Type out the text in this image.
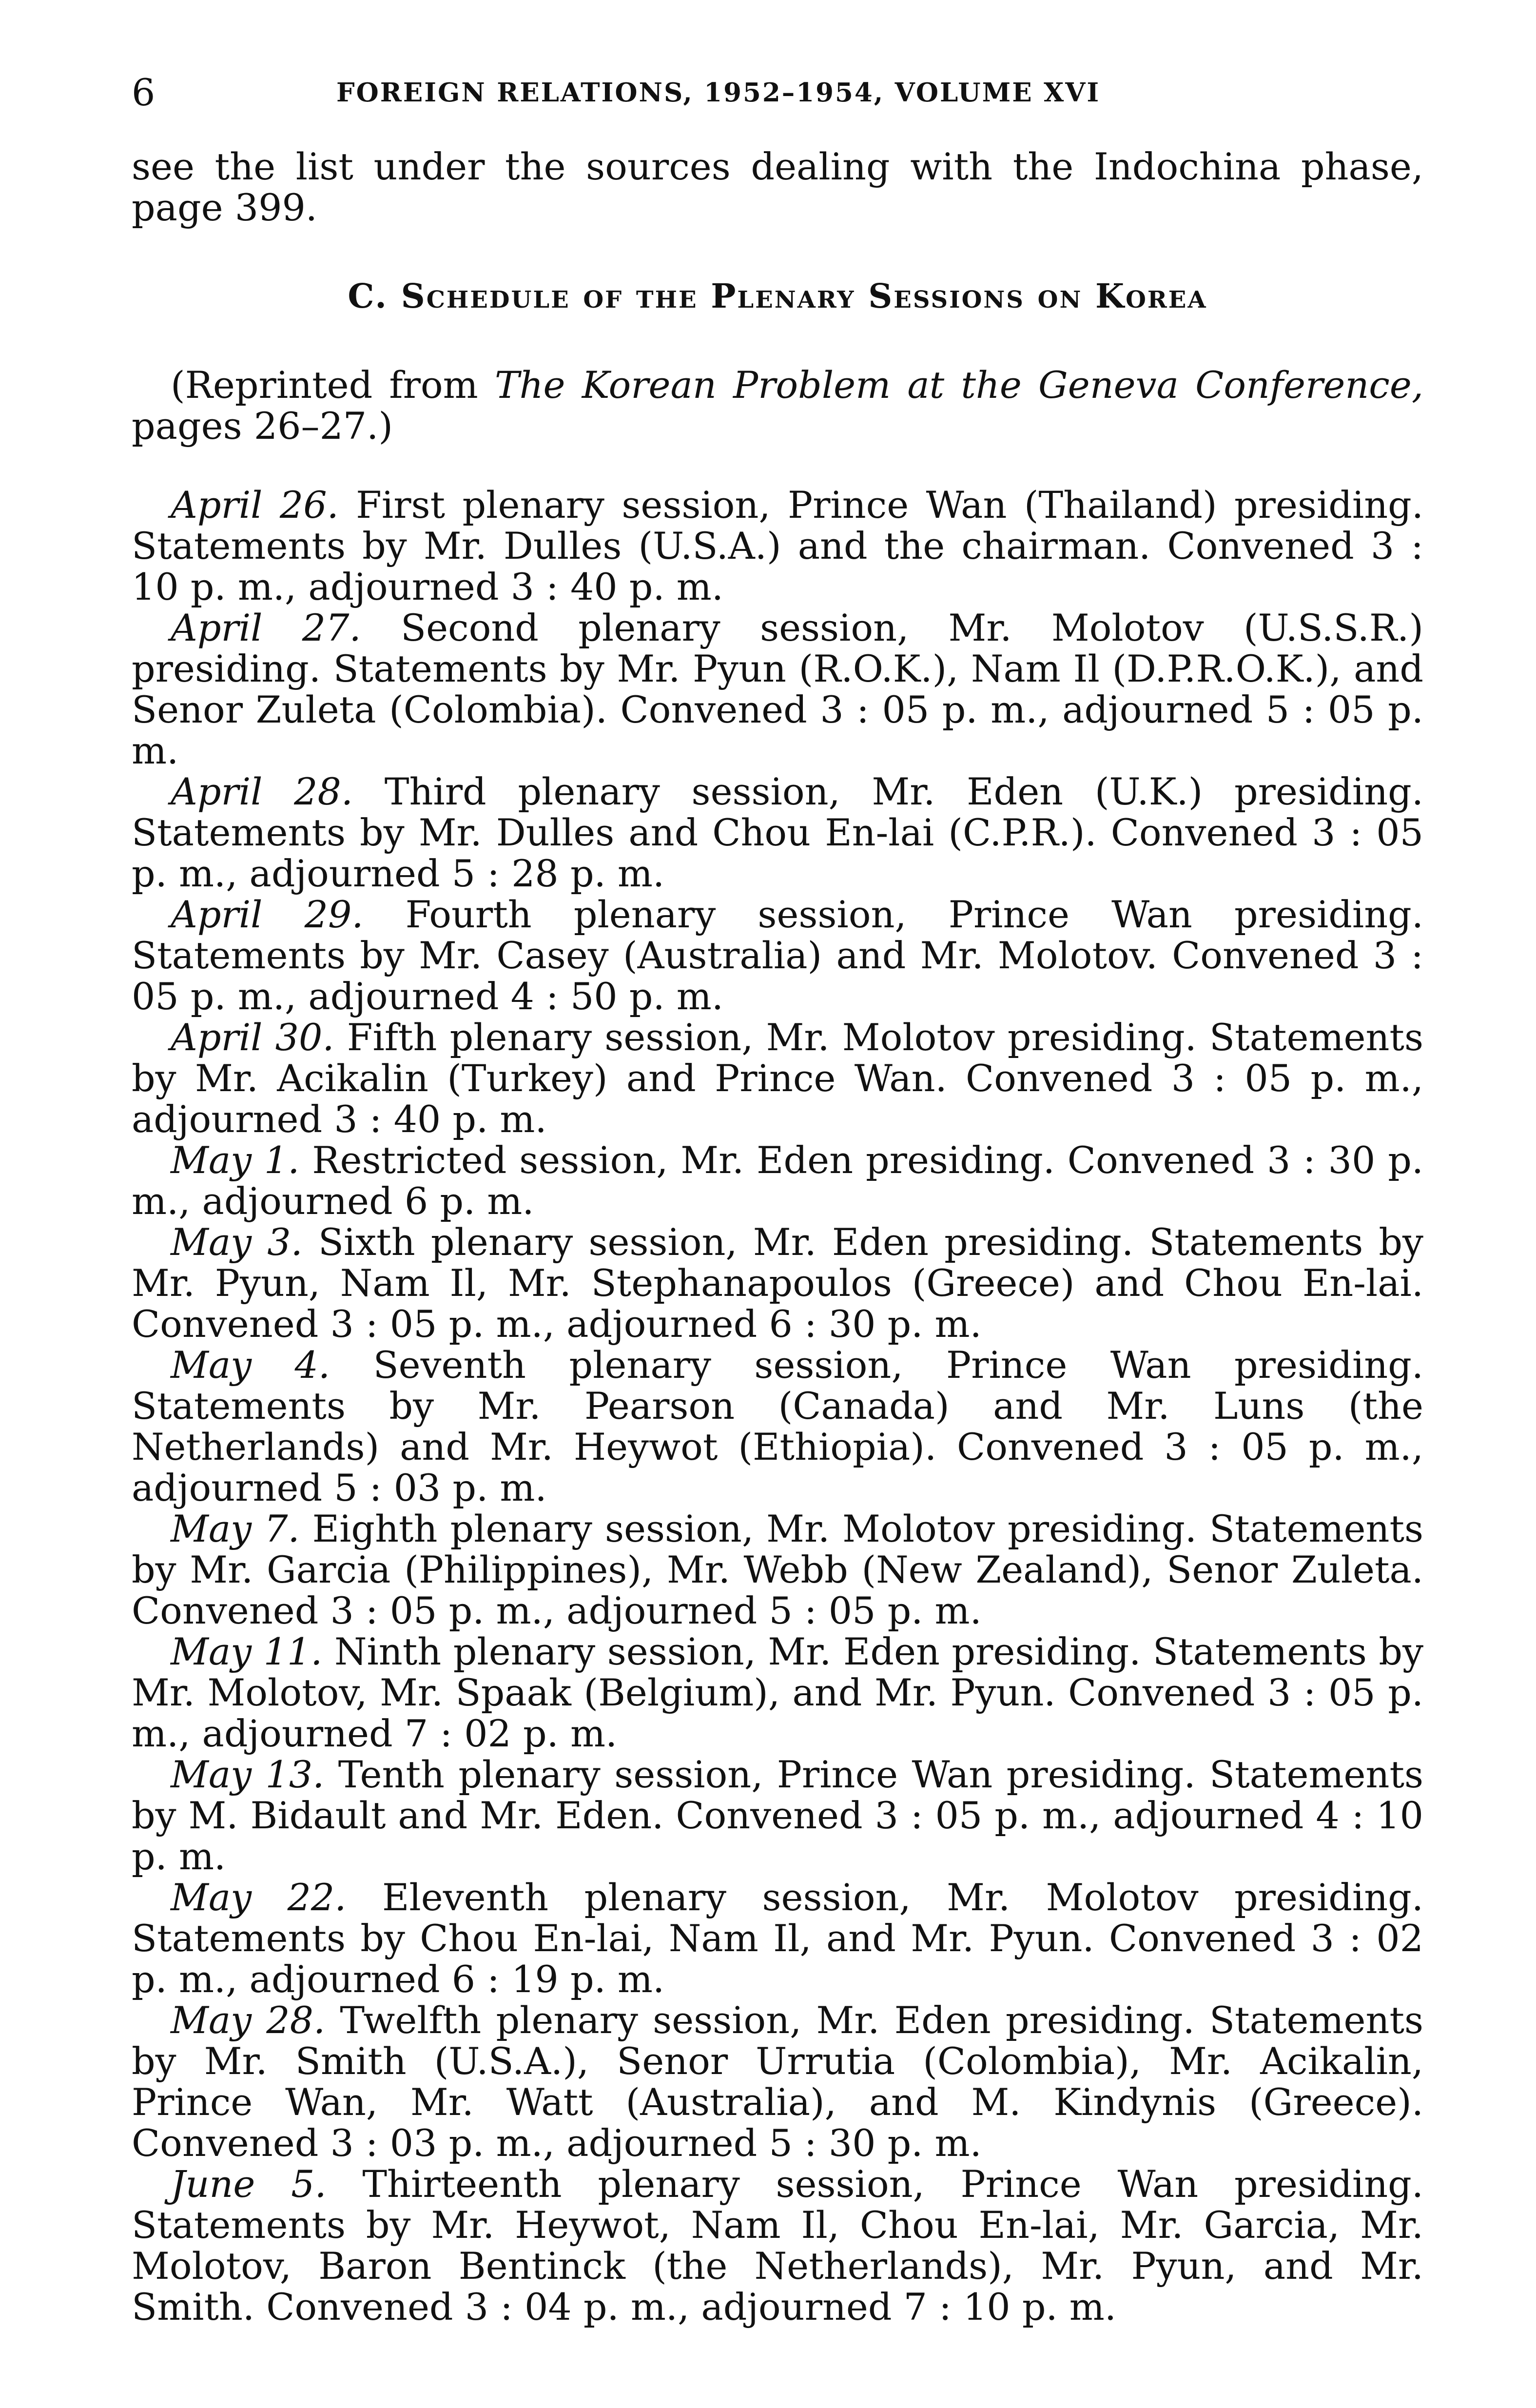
6	FOREIGN RELATIONS, 1952–1954, VOLUME XVI

see the list under the sources dealing with the Indochina phase, page 399.

C. Schedule of the Plenary Sessions on Korea

(Reprinted from The Korean Problem at the Geneva Conference, pages 26–27.)

April 26. First plenary session, Prince Wan (Thailand) presiding. Statements by Mr. Dulles (U.S.A.) and the chairman. Convened 3 : 10 p. m., adjourned 3 : 40 p. m.

April 27. Second plenary session, Mr. Molotov (U.S.S.R.) presiding. Statements by Mr. Pyun (R.O.K.), Nam Il (D.P.R.O.K.), and Senor Zuleta (Colombia). Convened 3 : 05 p. m., adjourned 5 : 05 p. m.

April 28. Third plenary session, Mr. Eden (U.K.) presiding. Statements by Mr. Dulles and Chou En-lai (C.P.R.). Convened 3 : 05 p. m., adjourned 5 : 28 p. m.

April 29. Fourth plenary session, Prince Wan presiding. Statements by Mr. Casey (Australia) and Mr. Molotov. Convened 3 : 05 p. m., adjourned 4 : 50 p. m.

April 30. Fifth plenary session, Mr. Molotov presiding. Statements by Mr. Acikalin (Turkey) and Prince Wan. Convened 3 : 05 p. m., adjourned 3 : 40 p. m.

May 1. Restricted session, Mr. Eden presiding. Convened 3 : 30 p. m., adjourned 6 p. m.

May 3. Sixth plenary session, Mr. Eden presiding. Statements by Mr. Pyun, Nam Il, Mr. Stephanapoulos (Greece) and Chou En-lai. Convened 3 : 05 p. m., adjourned 6 : 30 p. m.

May 4. Seventh plenary session, Prince Wan presiding. Statements by Mr. Pearson (Canada) and Mr. Luns (the Netherlands) and Mr. Heywot (Ethiopia). Convened 3 : 05 p. m., adjourned 5 : 03 p. m.

May 7. Eighth plenary session, Mr. Molotov presiding. Statements by Mr. Garcia (Philippines), Mr. Webb (New Zealand), Senor Zuleta. Convened 3 : 05 p. m., adjourned 5 : 05 p. m.

May 11. Ninth plenary session, Mr. Eden presiding. Statements by Mr. Molotov, Mr. Spaak (Belgium), and Mr. Pyun. Convened 3 : 05 p. m., adjourned 7 : 02 p. m.

May 13. Tenth plenary session, Prince Wan presiding. Statements by M. Bidault and Mr. Eden. Convened 3 : 05 p. m., adjourned 4 : 10 p. m.

May 22. Eleventh plenary session, Mr. Molotov presiding. Statements by Chou En-lai, Nam Il, and Mr. Pyun. Convened 3 : 02 p. m., adjourned 6 : 19 p. m.

May 28. Twelfth plenary session, Mr. Eden presiding. Statements by Mr. Smith (U.S.A.), Senor Urrutia (Colombia), Mr. Acikalin, Prince Wan, Mr. Watt (Australia), and M. Kindynis (Greece). Convened 3 : 03 p. m., adjourned 5 : 30 p. m.

June 5. Thirteenth plenary session, Prince Wan presiding. Statements by Mr. Heywot, Nam Il, Chou En-lai, Mr. Garcia, Mr. Molotov, Baron Bentinck (the Netherlands), Mr. Pyun, and Mr. Smith. Convened 3 : 04 p. m., adjourned 7 : 10 p. m.
